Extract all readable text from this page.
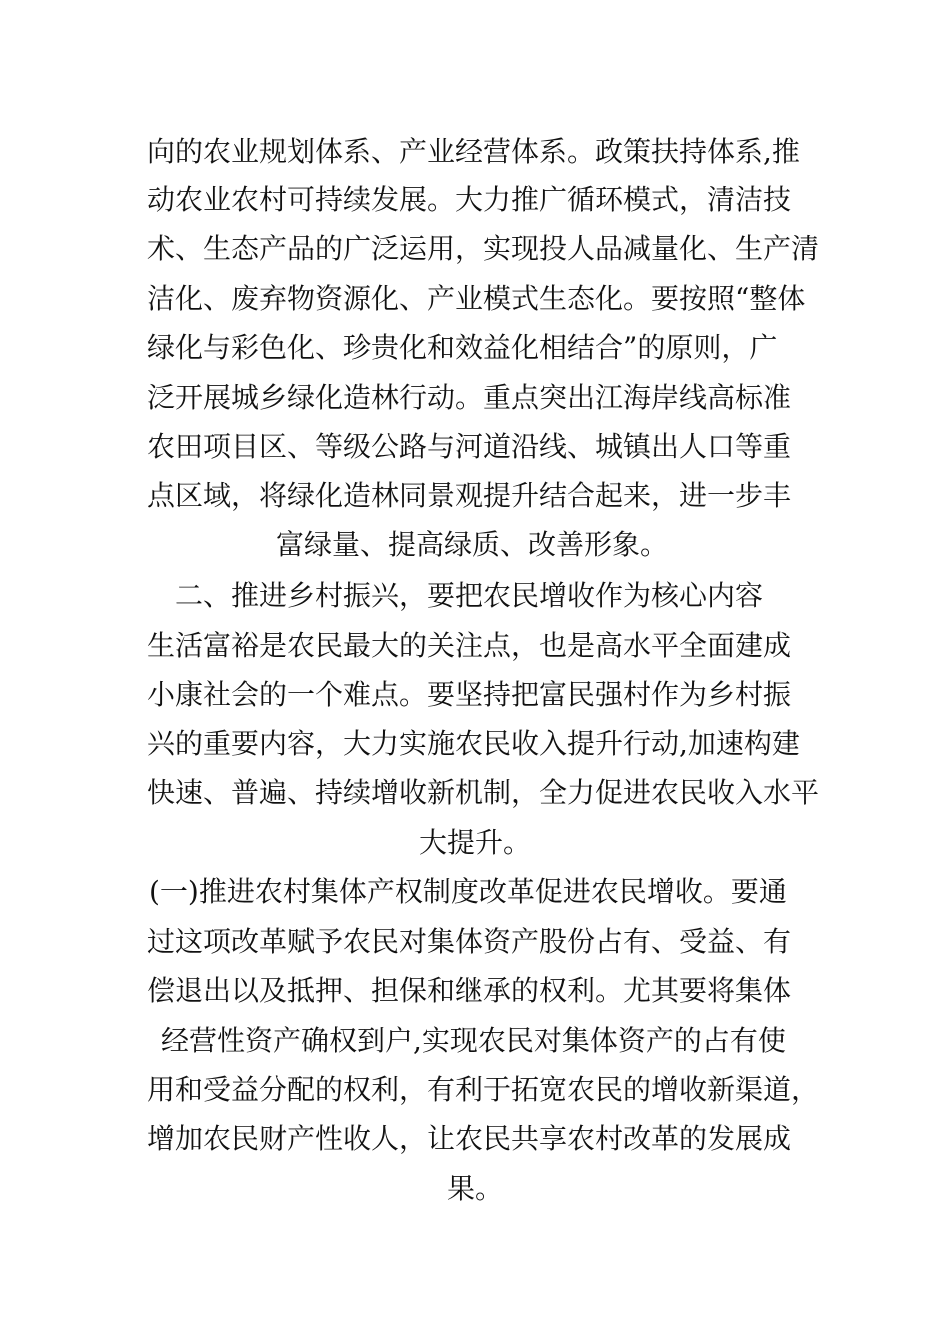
向的农业规划体系、产业经营体系。政策扶持体系,推
动农业农村可持续发展。大力推广循环模式，清洁技
术、生态产品的广泛运用，实现投人品减量化、生产清
洁化、废弃物资源化、产业模式生态化。要按照“整体
绿化与彩色化、珍贵化和效益化相结合”的原则，广
泛开展城乡绿化造林行动。重点突出江海岸线高标准
农田项目区、等级公路与河道沿线、城镇出人口等重
点区域，将绿化造林同景观提升结合起来，进一步丰
富绿量、提高绿质、改善形象。
二、推进乡村振兴，要把农民增收作为核心内容
生活富裕是农民最大的关注点，也是高水平全面建成
小康社会的一个难点。要坚持把富民强村作为乡村振
兴的重要内容，大力实施农民收入提升行动,加速构建
快速、普遍、持续增收新机制，全力促进农民收入水平
大提升。
(一)推进农村集体产权制度改革促进农民增收。要通
过这项改革赋予农民对集体资产股份占有、受益、有
偿退出以及抵押、担保和继承的权利。尤其要将集体
经营性资产确权到户,实现农民对集体资产的占有使
用和受益分配的权利，有利于拓宽农民的增收新渠道，
增加农民财产性收人，让农民共享农村改革的发展成
果。
